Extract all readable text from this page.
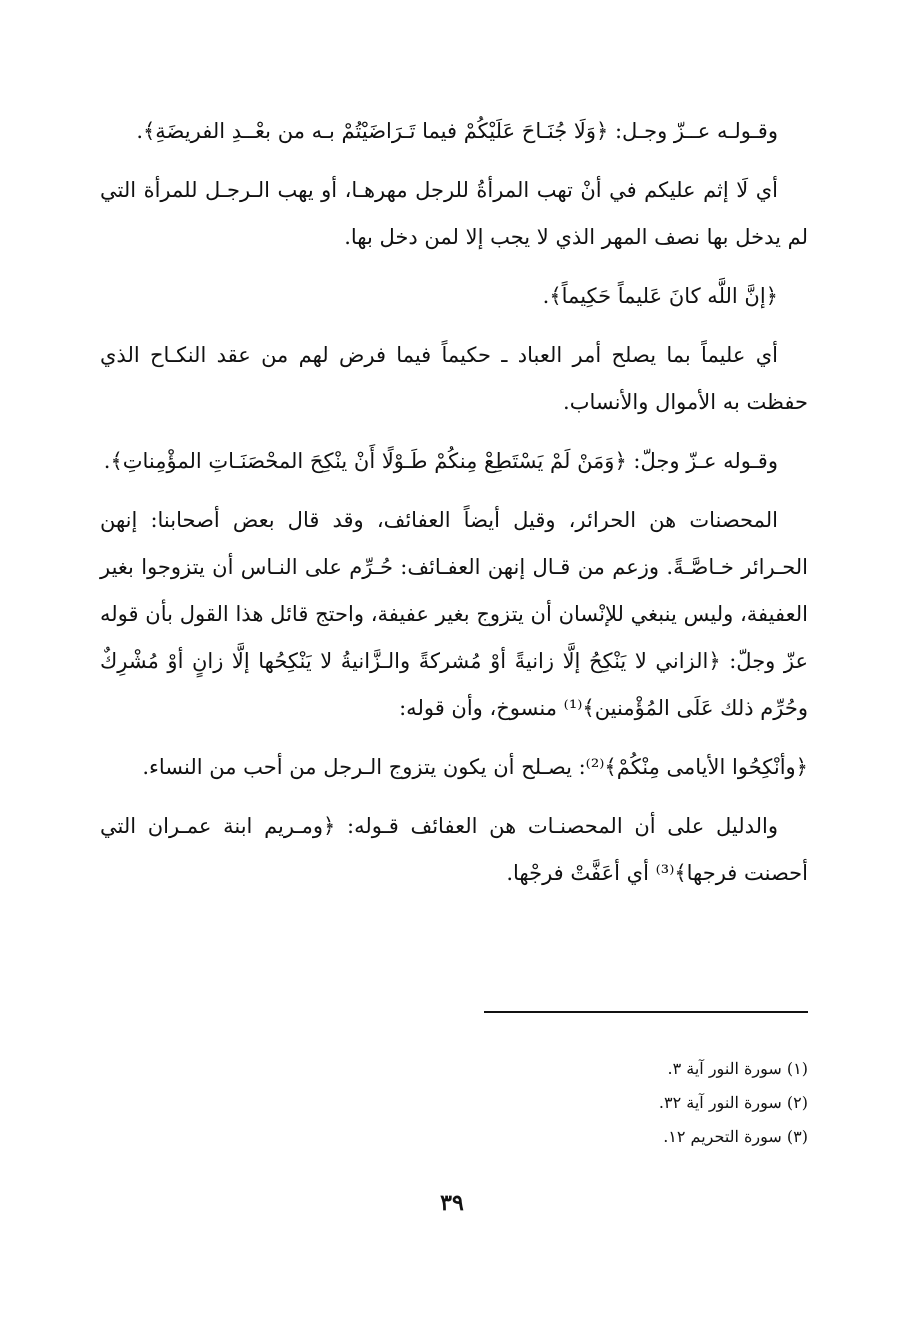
وقـولـه عــزّ وجـل: ﴿وَلَا جُنَـاحَ عَلَيْكُمْ فيما تَـرَاضَيْتُمْ بـه من بعْــدِ الفريضَةِ﴾.

أي لَا إثم عليكم في أنْ تهب المرأةُ للرجل مهرهـا، أو يهب الـرجـل للمرأة التي لم يدخل بها نصف المهر الذي لا يجب إلا لمن دخل بها.

﴿إنَّ اللَّه كانَ عَليماً حَكِيماً﴾.

أي عليماً بما يصلح أمر العباد ـ حكيماً فيما فرض لهم من عقد النكـاح الذي حفظت به الأموال والأنساب.

وقـوله عـزّ وجلّ: ﴿وَمَنْ لَمْ يَسْتَطِعْ مِنكُمْ طَـوْلًا أَنْ ينْكِحَ المحْصَنَـاتِ المؤْمِناتِ﴾.

المحصنات هن الحرائر، وقيل أيضاً العفائف، وقد قال بعض أصحابنا: إنهن الحـرائر خـاصَّـةً. وزعم من قـال إنهن العفـائف: حُـرِّم على النـاس أن يتزوجوا بغير العفيفة، وليس ينبغي للإنْسان أن يتزوج بغير عفيفة، واحتج قائل هذا القول بأن قوله عزّ وجلّ: ﴿الزاني لا يَنْكِحُ إلَّا زانيةً أوْ مُشركةً والـزَّانيةُ لا يَنْكِحُها إلَّا زانٍ أوْ مُشْرِكٌ وحُرِّم ذلك عَلَى المُؤْمنين﴾⁽¹⁾ منسوخ، وأن قوله:

﴿وأنْكِحُوا الأيامى مِنْكُمْ﴾⁽²⁾: يصـلح أن يكون يتزوج الـرجل من أحب من النساء.

والدليل على أن المحصنـات هن العفائف قـوله: ﴿ومـريم ابنة عمـران التي أحصنت فرجها﴾⁽³⁾ أي أعَفَّتْ فرجْها.

(١) سورة النور آية ٣.

(٢) سورة النور آية ٣٢.

(٣) سورة التحريم ١٢.

٣٩
